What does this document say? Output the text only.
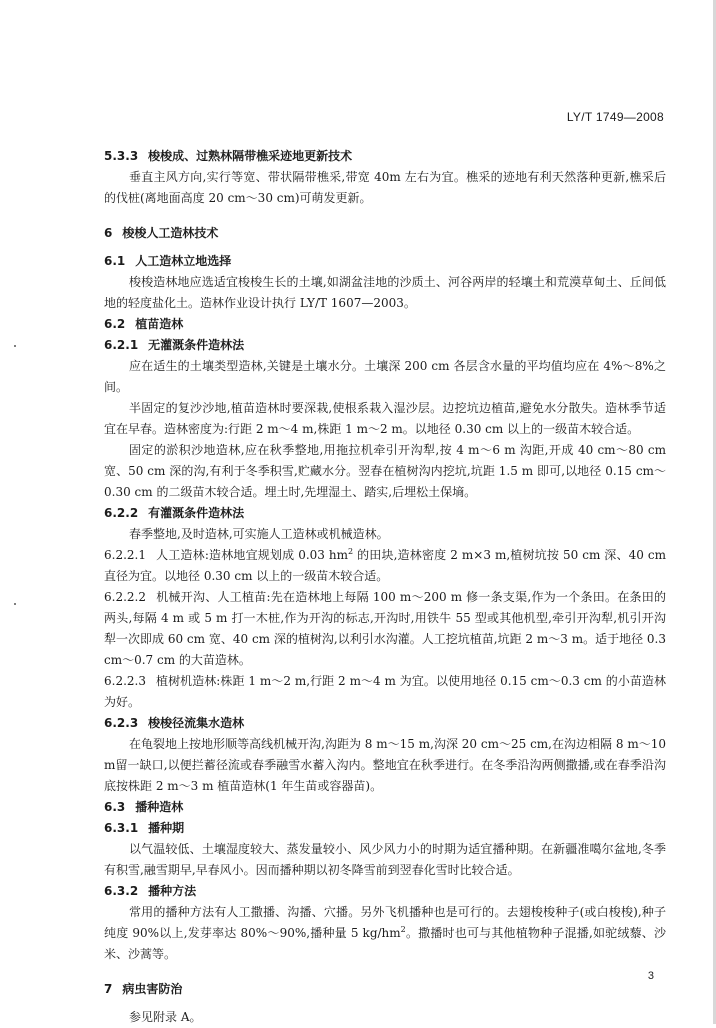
LY/T 1749—2008
5.3.3 梭梭成、过熟林隔带樵采迹地更新技术
垂直主风方向,实行等宽、带状隔带樵采,带宽 40m 左右为宜。樵采的迹地有利天然落种更新,樵采后的伐桩(离地面高度 20 cm～30 cm)可萌发更新。
6 梭梭人工造林技术
6.1 人工造林立地选择
梭梭造林地应选适宜梭梭生长的土壤,如湖盆洼地的沙质土、河谷两岸的轻壤土和荒漠草甸土、丘间低地的轻度盐化土。造林作业设计执行 LY/T 1607—2003。
6.2 植苗造林
6.2.1 无灌溉条件造林法
应在适生的土壤类型造林,关键是土壤水分。土壤深 200 cm 各层含水量的平均值均应在 4%～8%之间。
半固定的复沙沙地,植苗造林时要深栽,使根系栽入湿沙层。边挖坑边植苗,避免水分散失。造林季节适宜在早春。造林密度为:行距 2 m～4 m,株距 1 m～2 m。以地径 0.30 cm 以上的一级苗木较合适。
固定的淤积沙地造林,应在秋季整地,用拖拉机牵引开沟犁,按 4 m～6 m 沟距,开成 40 cm～80 cm 宽、50 cm 深的沟,有利于冬季积雪,贮藏水分。翌春在植树沟内挖坑,坑距 1.5 m 即可,以地径 0.15 cm～0.30 cm 的二级苗木较合适。埋土时,先埋湿土、踏实,后埋松土保墒。
6.2.2 有灌溉条件造林法
春季整地,及时造林,可实施人工造林或机械造林。
6.2.2.1 人工造林:造林地宜规划成 0.03 $hm^2$ 的田块,造林密度 2 m×3 m,植树坑按 50 cm 深、40 cm 直径为宜。以地径 0.30 cm 以上的一级苗木较合适。
6.2.2.2 机械开沟、人工植苗:先在造林地上每隔 100 m～200 m 修一条支渠,作为一个条田。在条田的两头,每隔 4 m 或 5 m 打一木桩,作为开沟的标志,开沟时,用铁牛 55 型或其他机型,牵引开沟犁,机引开沟犁一次即成 60 cm 宽、40 cm 深的植树沟,以利引水沟灌。人工挖坑植苗,坑距 2 m～3 m。适于地径 0.3 cm～0.7 cm 的大苗造林。
6.2.2.3 植树机造林:株距 1 m～2 m,行距 2 m～4 m 为宜。以使用地径 0.15 cm～0.3 cm 的小苗造林为好。
6.2.3 梭梭径流集水造林
在龟裂地上按地形顺等高线机械开沟,沟距为 8 m～15 m,沟深 20 cm～25 cm,在沟边相隔 8 m～10 m留一缺口,以便拦蓄径流或春季融雪水蓄入沟内。整地宜在秋季进行。在冬季沿沟两侧撒播,或在春季沿沟底按株距 2 m～3 m 植苗造林(1 年生苗或容器苗)。
6.3 播种造林
6.3.1 播种期
以气温较低、土壤湿度较大、蒸发量较小、风少风力小的时期为适宜播种期。在新疆准噶尔盆地,冬季有积雪,融雪期早,早春风小。因而播种期以初冬降雪前到翌春化雪时比较合适。
6.3.2 播种方法
常用的播种方法有人工撒播、沟播、穴播。另外飞机播种也是可行的。去翅梭梭种子(或白梭梭),种子纯度 90%以上,发芽率达 80%～90%,播种量 5 $kg/hm^2$。撒播时也可与其他植物种子混播,如驼绒藜、沙米、沙蒿等。
7 病虫害防治
参见附录 A。
3
